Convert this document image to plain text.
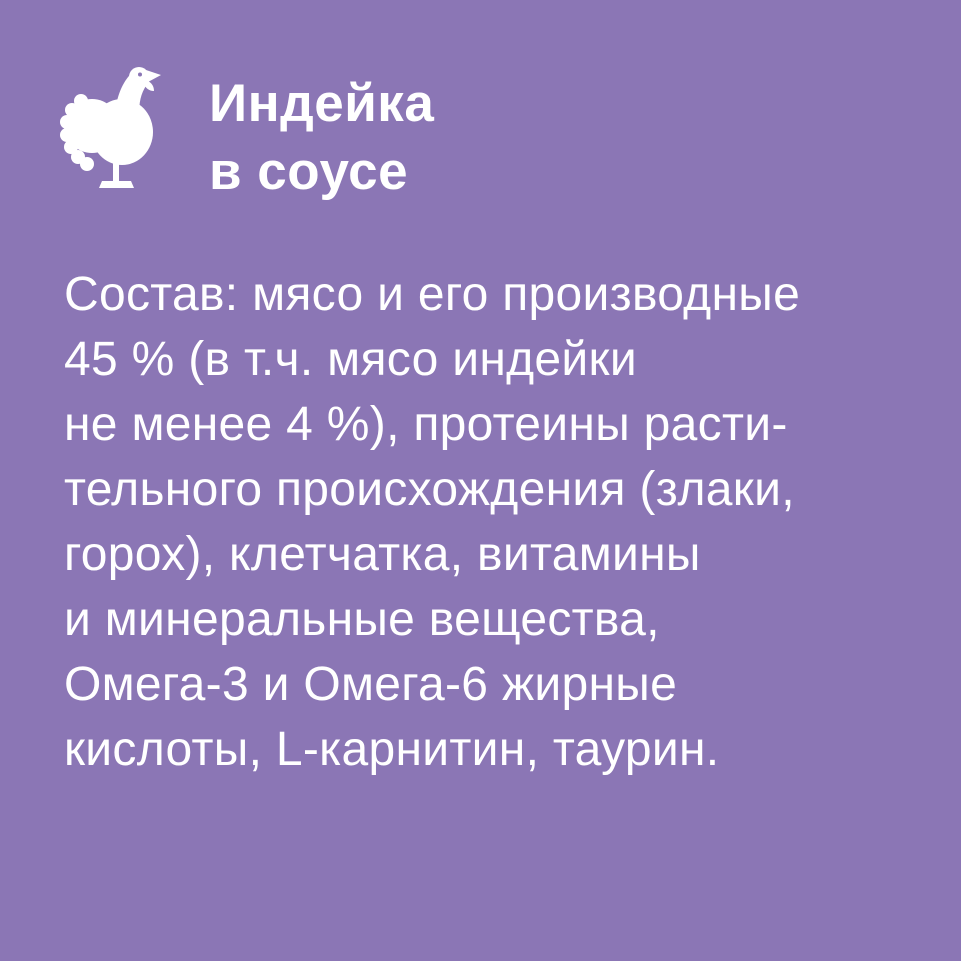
Индейка
в соусе
Состав: мясо и его производные
45 % (в т.ч. мясо индейки
не менее 4 %), протеины расти-
тельного происхождения (злаки,
горох), клетчатка, витамины
и минеральные вещества,
Омега-3 и Омега-6 жирные
кислоты, L-карнитин, таурин.
